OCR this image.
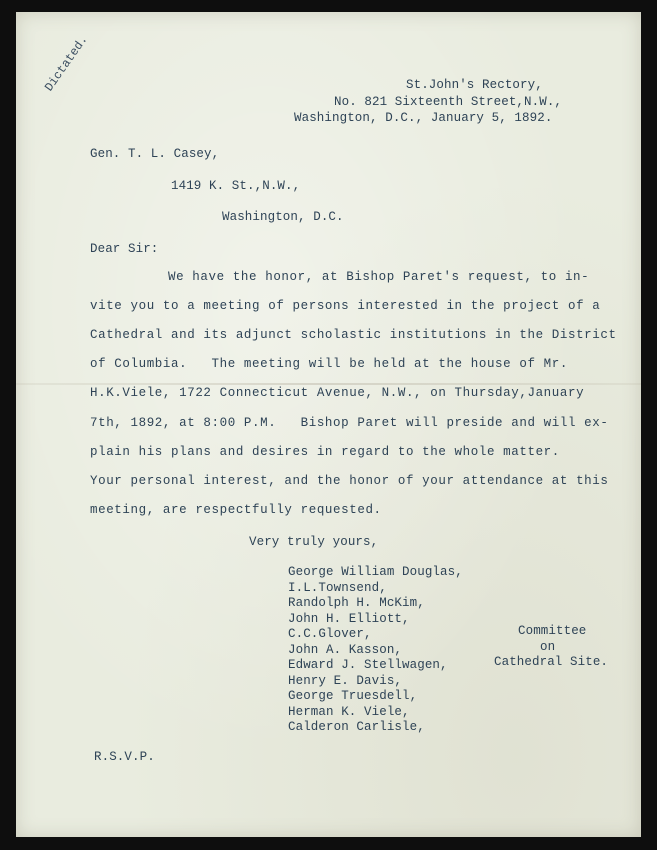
Dictated.	St.John's Rectory,
No. 821 Sixteenth Street,N.W.,
Washington, D.C., January 5, 1892.
Gen. T. L. Casey,
1419 K. St.,N.W.,
Washington, D.C.
Dear Sir:
We have the honor, at Bishop Paret's request, to in-
vite you to a meeting of persons interested in the project of a
Cathedral and its adjunct scholastic institutions in the District
of Columbia.   The meeting will be held at the house of Mr.
H.K.Viele, 1722 Connecticut Avenue, N.W., on Thursday,January
7th, 1892, at 8:00 P.M.   Bishop Paret will preside and will ex-
plain his plans and desires in regard to the whole matter.
Your personal interest, and the honor of your attendance at this
meeting, are respectfully requested.
Very truly yours,
George William Douglas,
I.L.Townsend,
Randolph H. McKim,
John H. Elliott,
C.C.Glover,
John A. Kasson,
Edward J. Stellwagen,
Henry E. Davis,
George Truesdell,
Herman K. Viele,
Calderon Carlisle,
Committee
on
Cathedral Site.
R.S.V.P.
